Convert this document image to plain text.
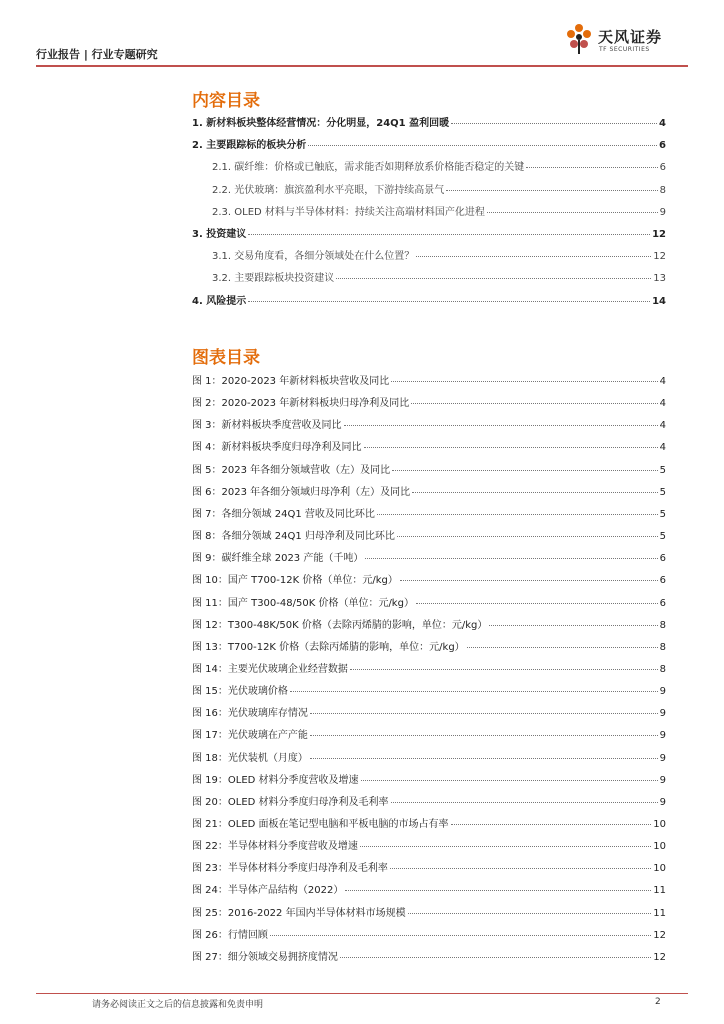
行业报告 | 行业专题研究
天风证券
TF SECURITIES
内容目录
1. 新材料板块整体经营情况：分化明显，24Q1 盈利回暖	4
2. 主要跟踪标的板块分析	6
2.1. 碳纤维：价格或已触底，需求能否如期释放系价格能否稳定的关键	6
2.2. 光伏玻璃：旗滨盈利水平亮眼，下游持续高景气	8
2.3. OLED 材料与半导体材料：持续关注高端材料国产化进程	9
3. 投资建议	12
3.1. 交易角度看，各细分领域处在什么位置？	12
3.2. 主要跟踪板块投资建议	13
4. 风险提示	14
图表目录
图 1：2020-2023 年新材料板块营收及同比	4
图 2：2020-2023 年新材料板块归母净利及同比	4
图 3：新材料板块季度营收及同比	4
图 4：新材料板块季度归母净利及同比	4
图 5：2023 年各细分领域营收（左）及同比	5
图 6：2023 年各细分领域归母净利（左）及同比	5
图 7：各细分领域 24Q1 营收及同比环比	5
图 8：各细分领域 24Q1 归母净利及同比环比	5
图 9：碳纤维全球 2023 产能（千吨）	6
图 10：国产 T700-12K 价格（单位：元/kg）	6
图 11：国产 T300-48/50K 价格（单位：元/kg）	6
图 12：T300-48K/50K 价格（去除丙烯腈的影响，单位：元/kg）	8
图 13：T700-12K 价格（去除丙烯腈的影响，单位：元/kg）	8
图 14：主要光伏玻璃企业经营数据	8
图 15：光伏玻璃价格	9
图 16：光伏玻璃库存情况	9
图 17：光伏玻璃在产产能	9
图 18：光伏装机（月度）	9
图 19：OLED 材料分季度营收及增速	9
图 20：OLED 材料分季度归母净利及毛利率	9
图 21：OLED 面板在笔记型电脑和平板电脑的市场占有率	10
图 22：半导体材料分季度营收及增速	10
图 23：半导体材料分季度归母净利及毛利率	10
图 24：半导体产品结构（2022）	11
图 25：2016-2022 年国内半导体材料市场规模	11
图 26：行情回顾	12
图 27：细分领域交易拥挤度情况	12
请务必阅读正文之后的信息披露和免责申明	2
